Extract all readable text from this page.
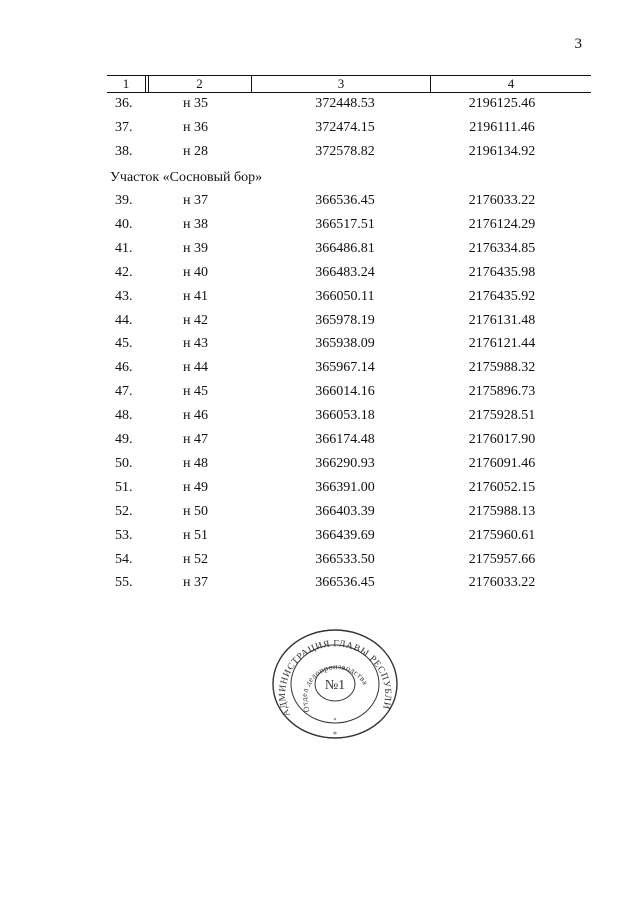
3
1	2	3	4
36.	н 35	372448.53	2196125.46
37.	н 36	372474.15	2196111.46
38.	н 28	372578.82	2196134.92
Участок «Сосновый бор»
39.	н 37	366536.45	2176033.22
40.	н 38	366517.51	2176124.29
41.	н 39	366486.81	2176334.85
42.	н 40	366483.24	2176435.98
43.	н 41	366050.11	2176435.92
44.	н 42	365978.19	2176131.48
45.	н 43	365938.09	2176121.44
46.	н 44	365967.14	2175988.32
47.	н 45	366014.16	2175896.73
48.	н 46	366053.18	2175928.51
49.	н 47	366174.48	2176017.90
50.	н 48	366290.93	2176091.46
51.	н 49	366391.00	2176052.15
52.	н 50	366403.39	2175988.13
53.	н 51	366439.69	2175960.61
54.	н 52	366533.50	2175957.66
55.	н 37	366536.45	2176033.22
АДМИНИСТРАЦИЯ ГЛАВЫ РЕСПУБЛИ
Отдел делопроизводства
№1
*
*
